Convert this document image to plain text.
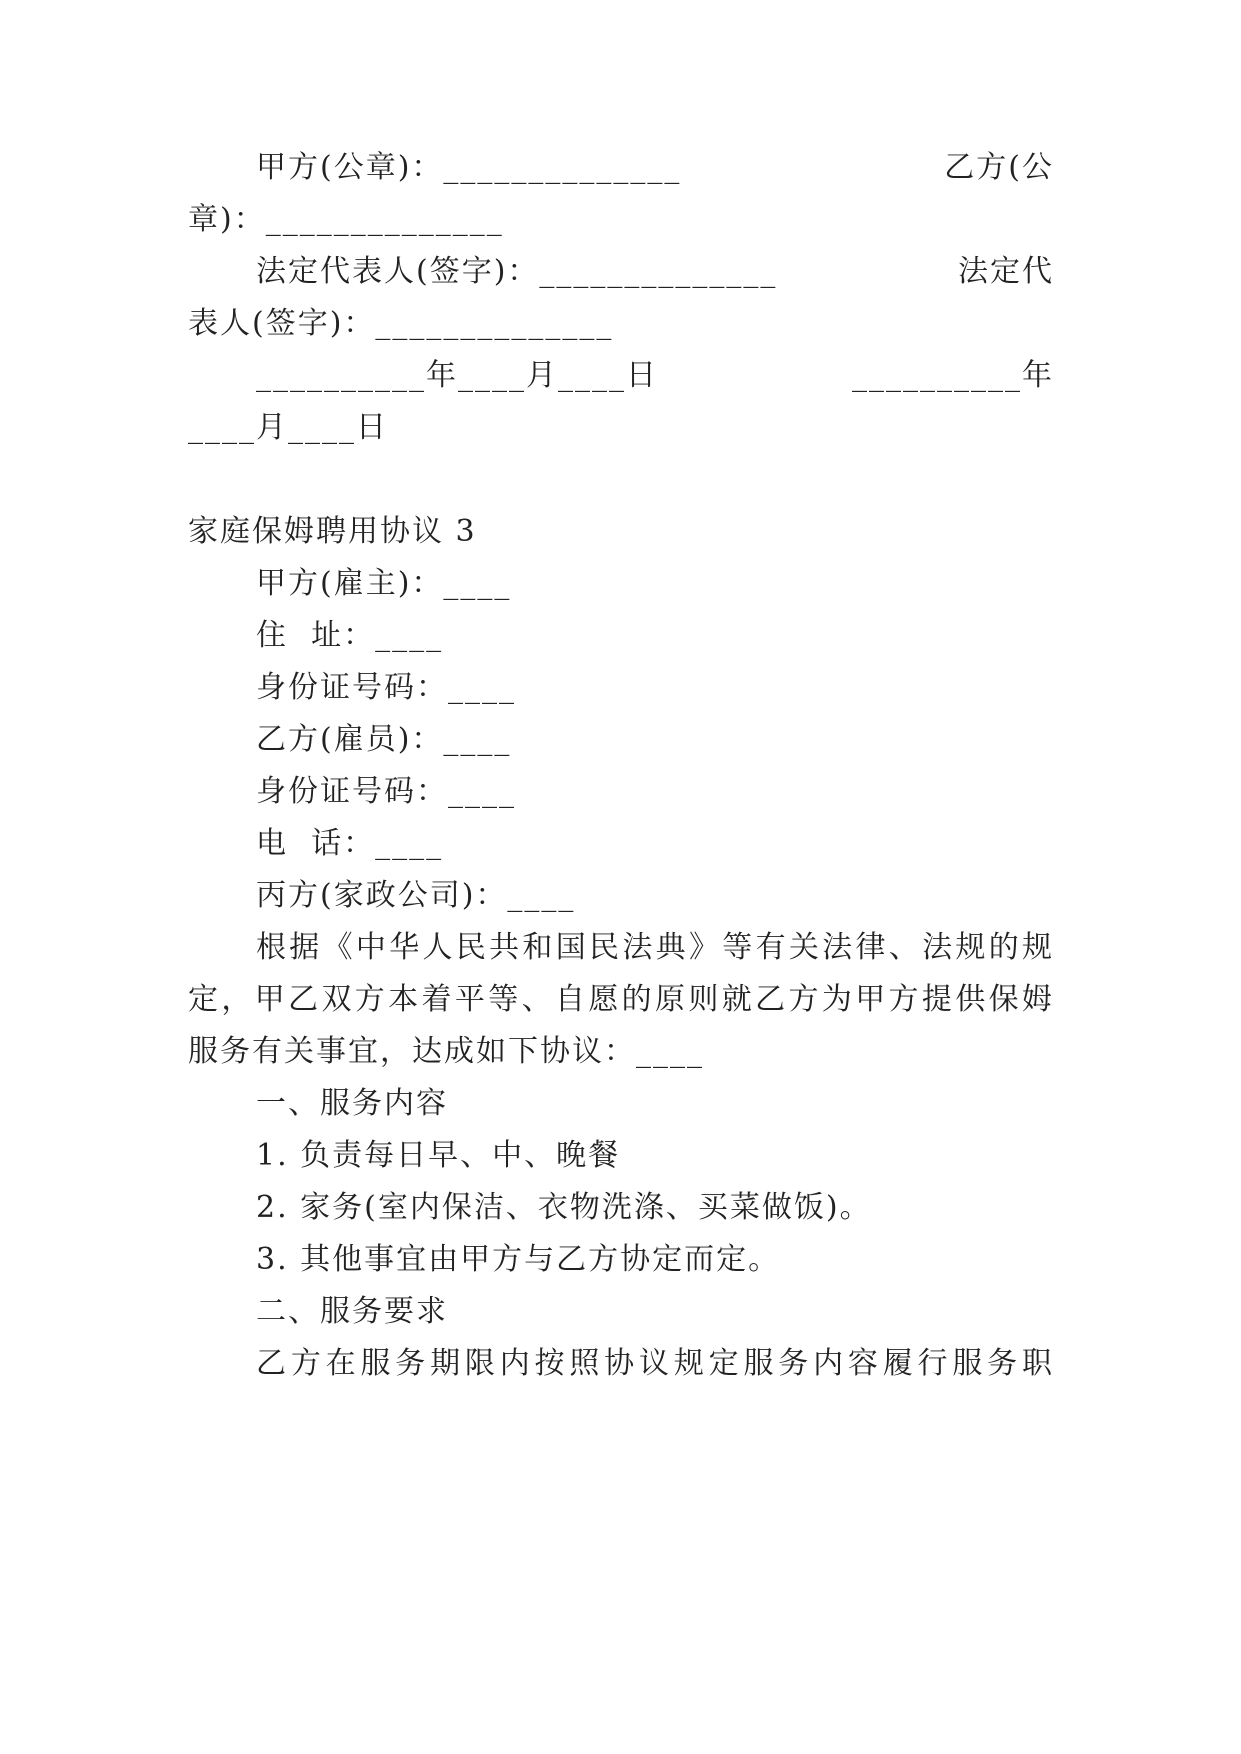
甲方(公章)：______________	乙方(公
章)：______________
法定代表人(签字)：______________	法定代
表人(签字)：______________
__________年____月____日	__________年
____月____日
家庭保姆聘用协议 3
甲方(雇主)：____
住  址：____
身份证号码：____
乙方(雇员)：____
身份证号码：____
电  话：____
丙方(家政公司)：____
根据《中华人民共和国民法典》等有关法律、法规的规
定，甲乙双方本着平等、自愿的原则就乙方为甲方提供保姆
服务有关事宜，达成如下协议：____
一、服务内容
1. 负责每日早、中、晚餐
2. 家务(室内保洁、衣物洗涤、买菜做饭)。
3. 其他事宜由甲方与乙方协定而定。
二、服务要求
乙方在服务期限内按照协议规定服务内容履行服务职
